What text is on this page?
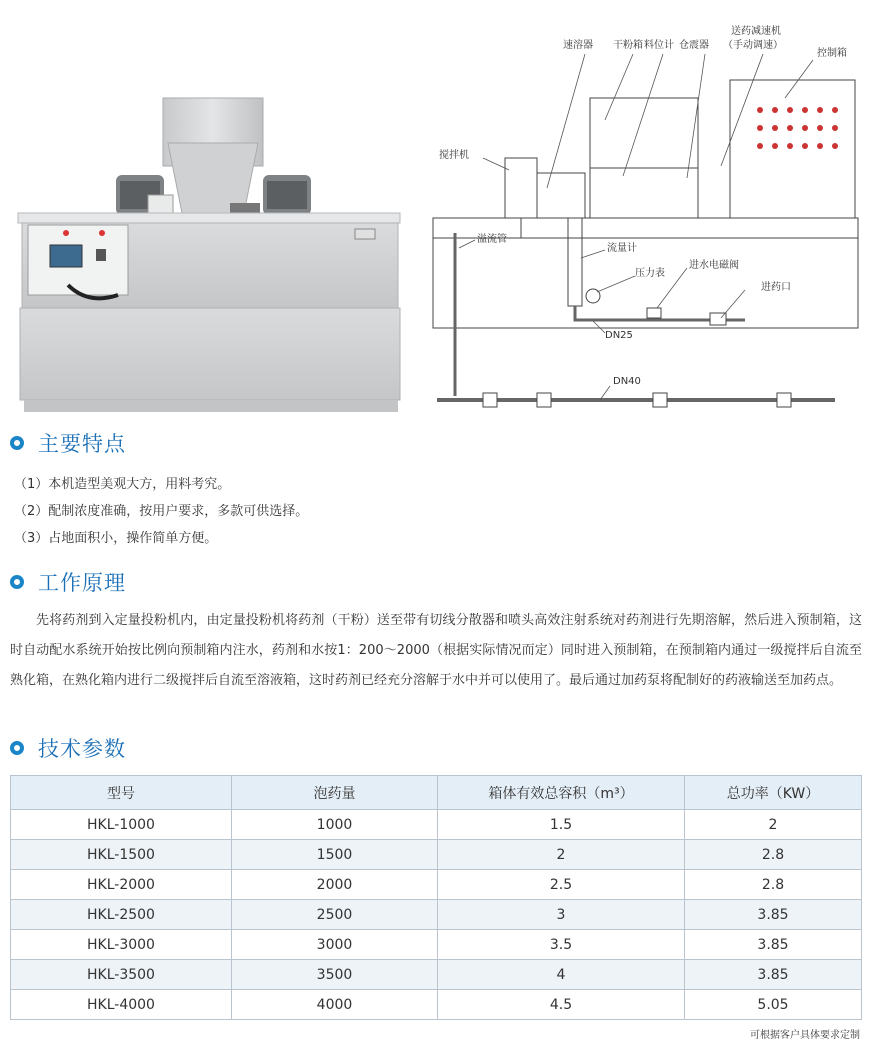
速溶器 干粉箱 料位计 仓震器
送药减速机
（手动调速）
控制箱
搅拌机
溢流管
流量计
压力表
进水电磁阀
进药口
DN25
DN40
主要特点
（1）本机造型美观大方，用料考究。
（2）配制浓度准确，按用户要求，多款可供选择。
（3）占地面积小，操作简单方便。
工作原理

先将药剂到入定量投粉机内，由定量投粉机将药剂（干粉）送至带有切线分散器和喷头高效注射系统对药剂进行先期溶解，然后进入预制箱，这时自动配水系统开始按比例向预制箱内注水，药剂和水按1：200～2000（根据实际情况而定）同时进入预制箱，在预制箱内通过一级搅拌后自流至熟化箱，在熟化箱内进行二级搅拌后自流至溶液箱，这时药剂已经充分溶解于水中并可以使用了。最后通过加药泵将配制好的药液输送至加药点。

技术参数
型号	泡药量	箱体有效总容积（m³）	总功率（KW）
HKL-1000	1000	1.5	2
HKL-1500	1500	2	2.8
HKL-2000	2000	2.5	2.8
HKL-2500	2500	3	3.85
HKL-3000	3000	3.5	3.85
HKL-3500	3500	4	3.85
HKL-4000	4000	4.5	5.05
可根据客户具体要求定制
